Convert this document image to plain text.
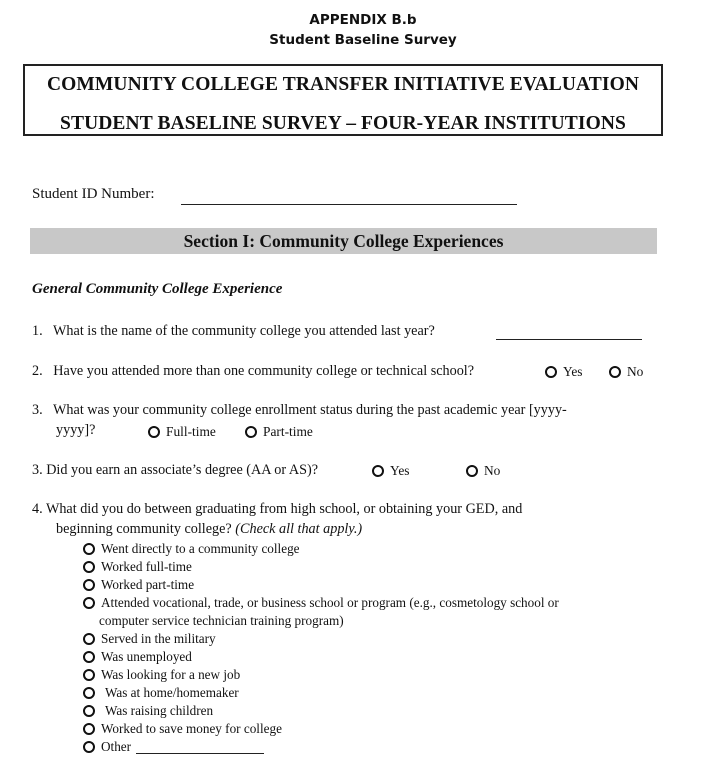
APPENDIX B.b
Student Baseline Survey
COMMUNITY COLLEGE TRANSFER INITIATIVE EVALUATION
STUDENT BASELINE SURVEY – FOUR-YEAR INSTITUTIONS
Student ID Number:
Section I: Community College Experiences
General Community College Experience
1. What is the name of the community college you attended last year?
2. Have you attended more than one community college or technical school?	Yes	No
3. What was your community college enrollment status during the past academic year [yyyy-
yyyy]?	Full-time	Part-time
3. Did you earn an associate’s degree (AA or AS)?	Yes	No
4. What did you do between graduating from high school, or obtaining your GED, and
beginning community college? (Check all that apply.)
Went directly to a community college
Worked full-time
Worked part-time
Attended vocational, trade, or business school or program (e.g., cosmetology school or
computer service technician training program)
Served in the military
Was unemployed
Was looking for a new job
Was at home/homemaker
Was raising children
Worked to save money for college
Other
